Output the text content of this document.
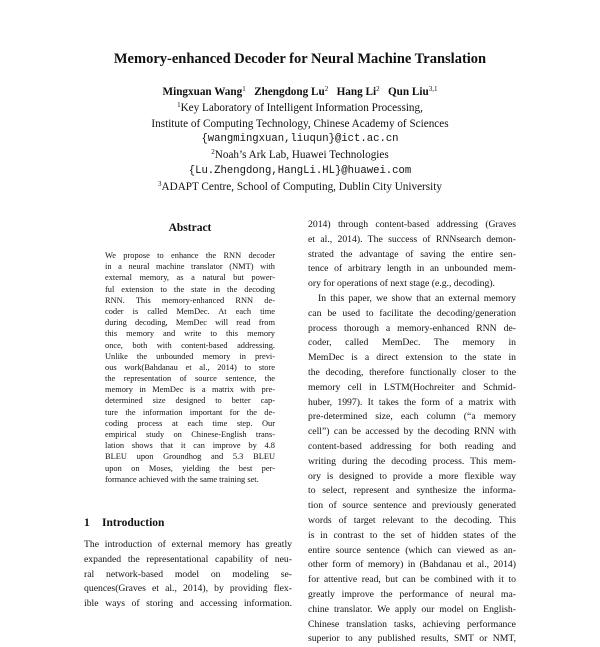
Memory-enhanced Decoder for Neural Machine Translation
Mingxuan Wang$^1$ Zhengdong Lu$^2$ Hang Li$^2$ Qun Liu$^{3,1}$
$^1$Key Laboratory of Intelligent Information Processing,
Institute of Computing Technology, Chinese Academy of Sciences
{wangmingxuan,liuqun}@ict.ac.cn
$^2$Noah’s Ark Lab, Huawei Technologies
{Lu.Zhengdong,HangLi.HL}@huawei.com
$^3$ADAPT Centre, School of Computing, Dublin City University
Abstract
We propose to enhance the RNN decoder
in a neural machine translator (NMT) with
external memory, as a natural but power-
ful extension to the state in the decoding
RNN. This memory-enhanced RNN de-
coder is called MemDec. At each time
during decoding, MemDec will read from
this memory and write to this memory
once, both with content-based addressing.
Unlike the unbounded memory in previ-
ous work(Bahdanau et al., 2014) to store
the representation of source sentence, the
memory in MemDec is a matrix with pre-
determined size designed to better cap-
ture the information important for the de-
coding process at each time step. Our
empirical study on Chinese-English trans-
lation shows that it can improve by 4.8
BLEU upon Groundhog and 5.3 BLEU
upon on Moses, yielding the best per-
formance achieved with the same training set.
1 Introduction
The introduction of external memory has greatly
expanded the representational capability of neu-
ral network-based model on modeling se-
quences(Graves et al., 2014), by providing flex-
ible ways of storing and accessing information.
2014) through content-based addressing (Graves
et al., 2014). The success of RNNsearch demon-
strated the advantage of saving the entire sen-
tence of arbitrary length in an unbounded mem-
ory for operations of next stage (e.g., decoding).
In this paper, we show that an external memory
can be used to facilitate the decoding/generation
process thorough a memory-enhanced RNN de-
coder, called MemDec. The memory in
MemDec is a direct extension to the state in
the decoding, therefore functionally closer to the
memory cell in LSTM(Hochreiter and Schmid-
huber, 1997). It takes the form of a matrix with
pre-determined size, each column (“a memory
cell”) can be accessed by the decoding RNN with
content-based addressing for both reading and
writing during the decoding process. This mem-
ory is designed to provide a more flexible way
to select, represent and synthesize the informa-
tion of source sentence and previously generated
words of target relevant to the decoding. This
is in contrast to the set of hidden states of the
entire source sentence (which can viewed as an-
other form of memory) in (Bahdanau et al., 2014)
for attentive read, but can be combined with it to
greatly improve the performance of neural ma-
chine translator. We apply our model on English-
Chinese translation tasks, achieving performance
superior to any published results, SMT or NMT,
